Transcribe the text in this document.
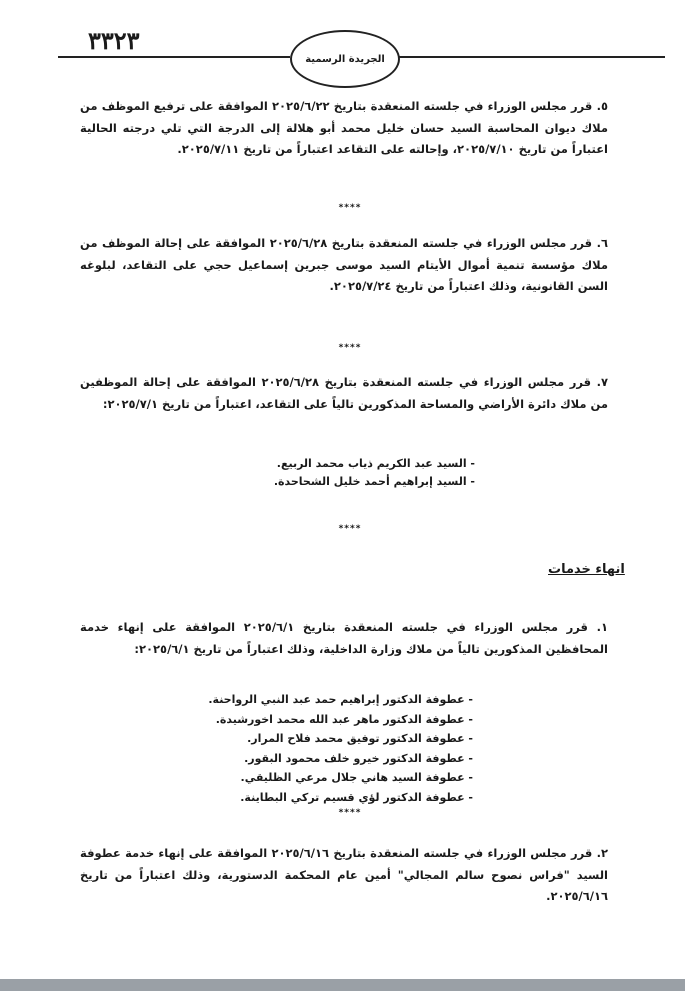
٣٣٢٣
الجريدة الرسمية

٥. قرر مجلس الوزراء في جلسته المنعقدة بتاريخ ٢٠٢٥/٦/٢٢ الموافقة على ترفيع الموظف من ملاك ديوان المحاسبة السيد حسان خليل محمد أبو هلالة إلى الدرجة التي تلي درجته الحالية اعتباراً من تاريخ ٢٠٢٥/٧/١٠، وإحالته على التقاعد اعتباراً من تاريخ ٢٠٢٥/٧/١١.

****

٦. قرر مجلس الوزراء في جلسته المنعقدة بتاريخ ٢٠٢٥/٦/٢٨ الموافقة على إحالة الموظف من ملاك مؤسسة تنمية أموال الأيتام السيد موسى جبرين إسماعيل حجي على التقاعد، لبلوغه السن القانونية، وذلك اعتباراً من تاريخ ٢٠٢٥/٧/٢٤.

****

٧. قرر مجلس الوزراء في جلسته المنعقدة بتاريخ ٢٠٢٥/٦/٢٨ الموافقة على إحالة الموظفين من ملاك دائرة الأراضي والمساحة المذكورين تالياً على التقاعد، اعتباراً من تاريخ ٢٠٢٥/٧/١:

- السيد عبد الكريم ذياب محمد الربيع.
- السيد إبراهيم أحمد خليل الشحاحدة.
****
انهاء خدمات

١. قرر مجلس الوزراء في جلسته المنعقدة بتاريخ ٢٠٢٥/٦/١ الموافقة على إنهاء خدمة المحافظين المذكورين تالياً من ملاك وزارة الداخلية، وذلك اعتباراً من تاريخ ٢٠٢٥/٦/١:

- عطوفة الدكتور إبراهيم حمد عبد النبي الرواحنة.
- عطوفة الدكتور ماهر عبد الله محمد اخورشيدة.
- عطوفة الدكتور توفيق محمد فلاح المرار.
- عطوفة الدكتور خيرو خلف محمود البقور.
- عطوفة السيد هاني جلال مرعي الظليقي.
- عطوفة الدكتور لؤي قسيم تركي البطاينة.
****

٢. قرر مجلس الوزراء في جلسته المنعقدة بتاريخ ٢٠٢٥/٦/١٦ الموافقة على إنهاء خدمة عطوفة السيد "فراس نصوح سالم المجالي" أمين عام المحكمة الدستورية، وذلك اعتباراً من تاريخ ٢٠٢٥/٦/١٦.
